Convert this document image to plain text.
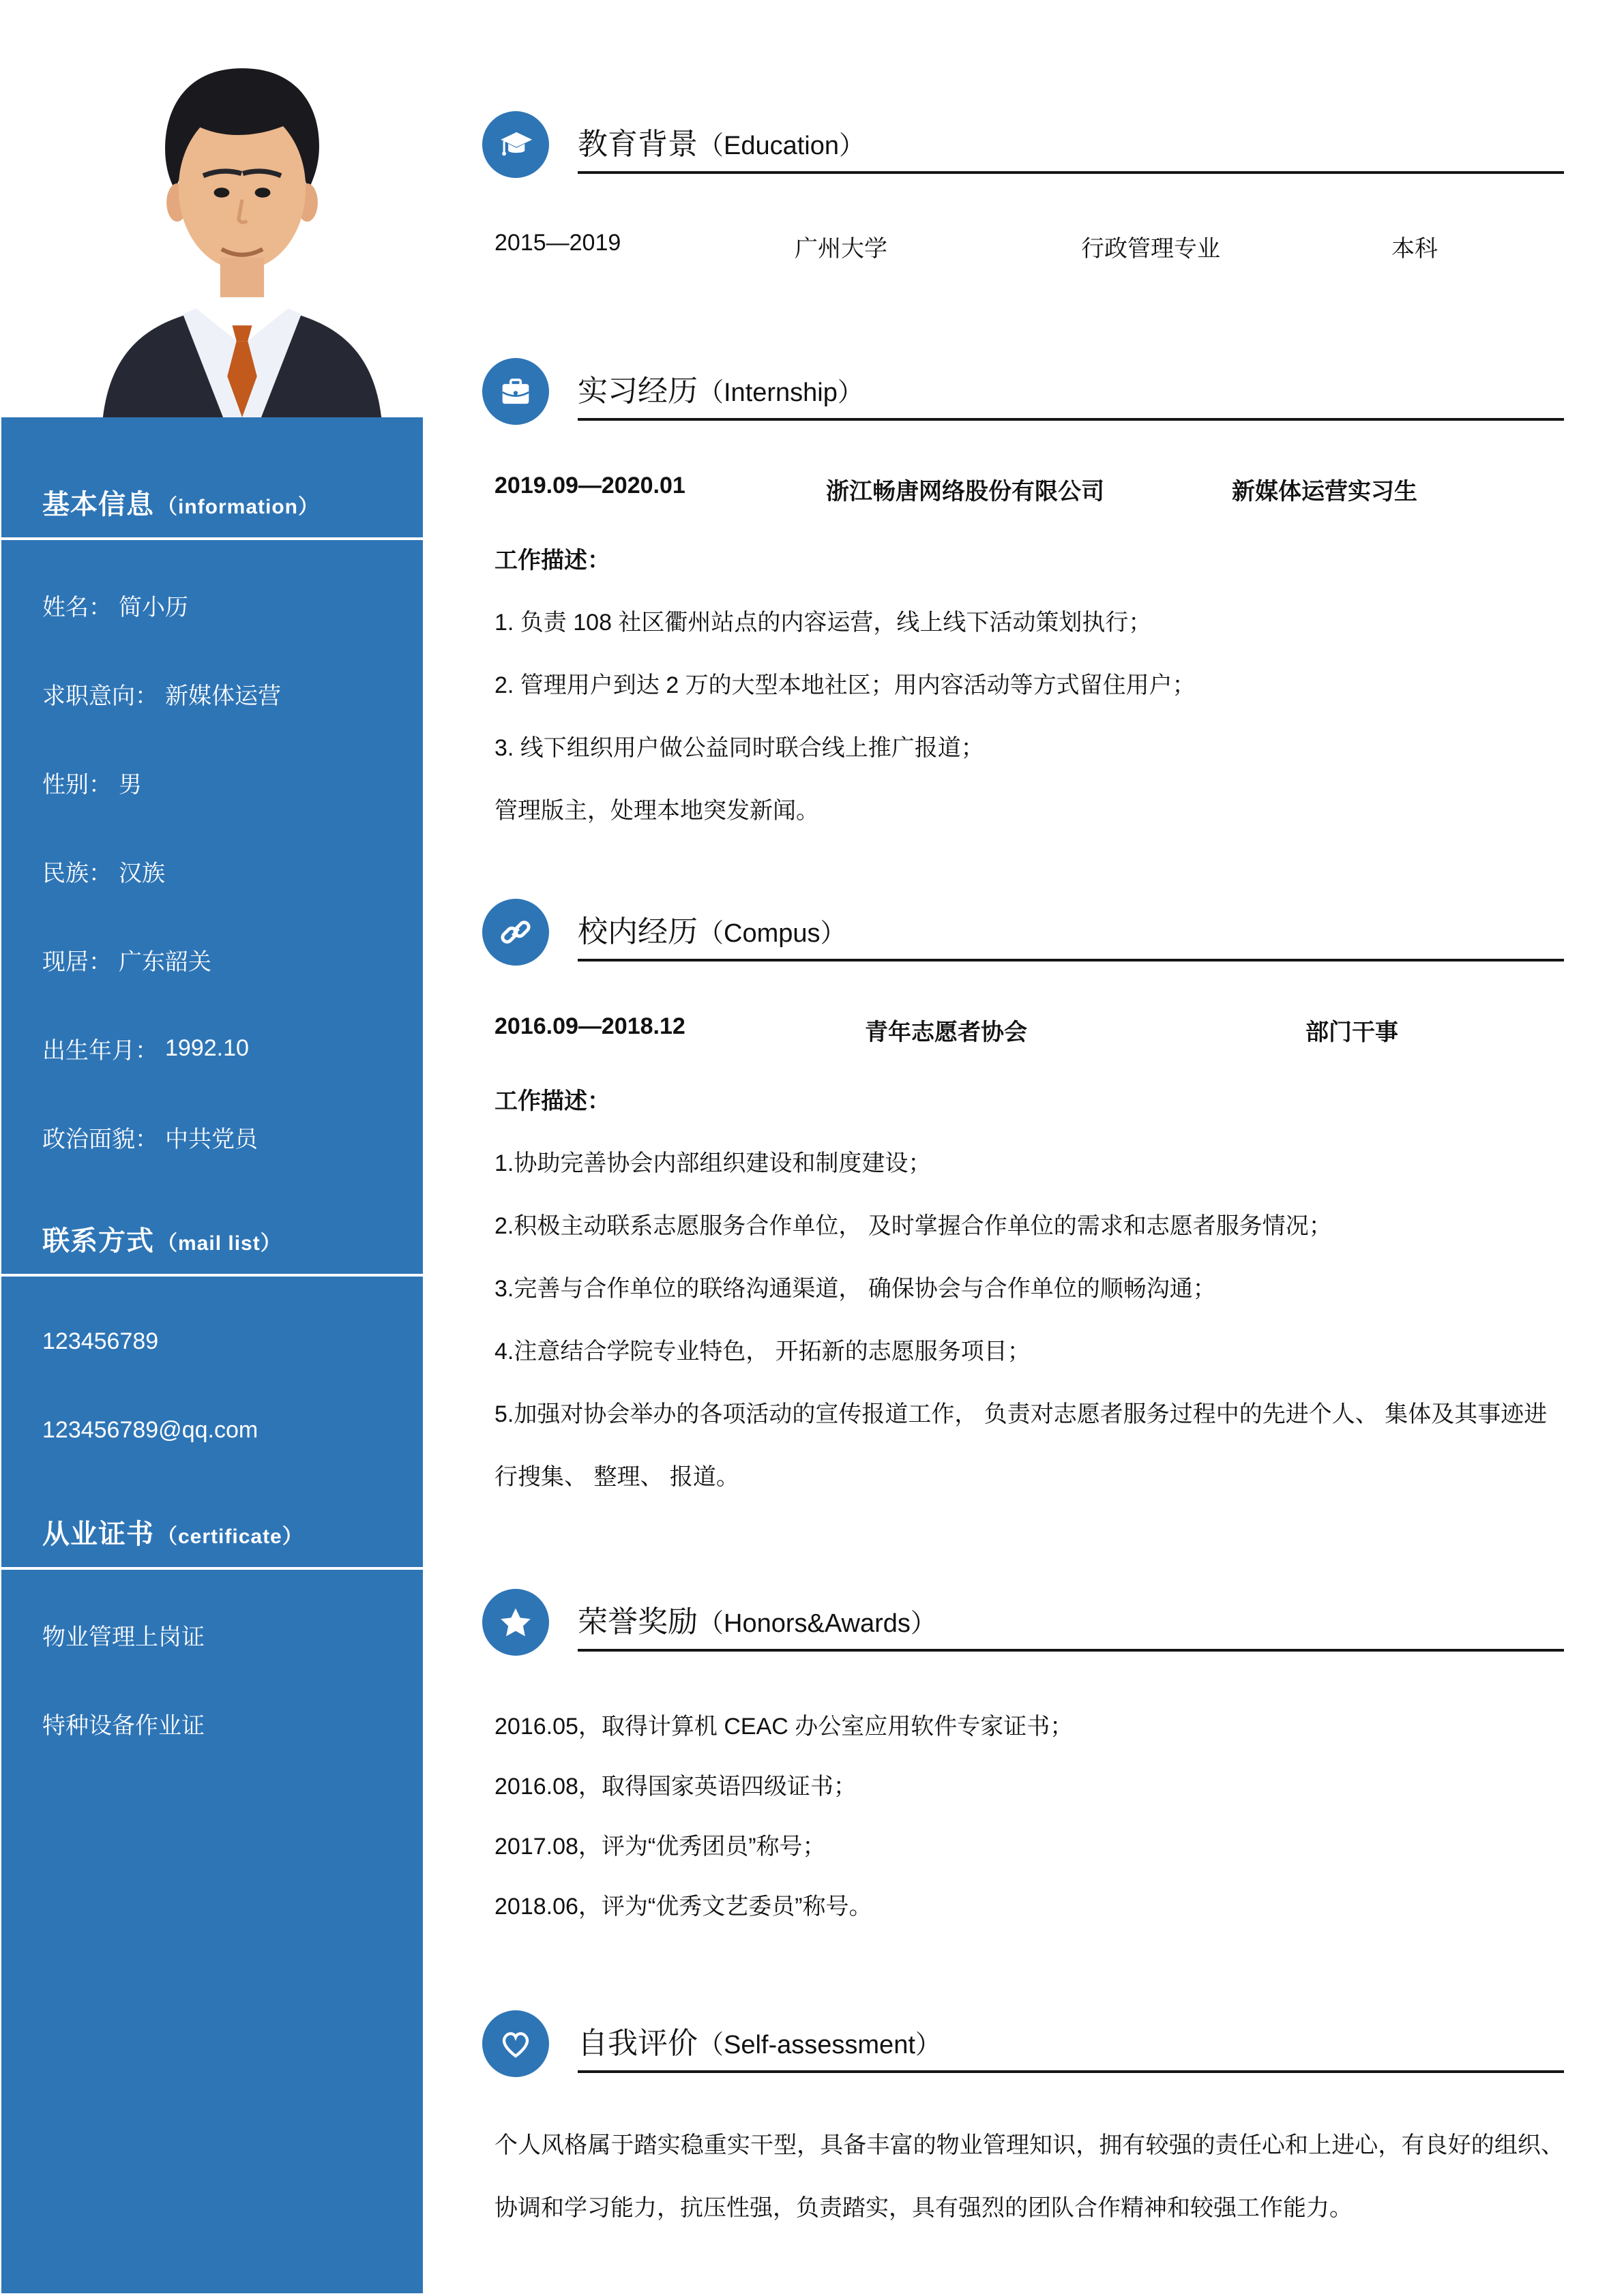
基本信息 （information）
姓名： 简小历
求职意向： 新媒体运营
性别： 男
民族： 汉族
现居： 广东韶关
出生年月： 1992.10
政治面貌： 中共党员
联系方式 （mail list）
123456789
123456789@qq.com
从业证书 （certificate）
物业管理上岗证
特种设备作业证
教育背景（Education）
2015—2019	广州大学	行政管理专业	本科
实习经历（Internship）
2019.09—2020.01	浙江畅唐网络股份有限公司	新媒体运营实习生

工作描述：

1. 负责 108 社区衢州站点的内容运营，线上线下活动策划执行；

2. 管理用户到达 2 万的大型本地社区；用内容活动等方式留住用户；

3. 线下组织用户做公益同时联合线上推广报道；

管理版主，处理本地突发新闻。

校内经历（Compus）
2016.09—2018.12	青年志愿者协会	部门干事

工作描述：

1.协助完善协会内部组织建设和制度建设；

2.积极主动联系志愿服务合作单位， 及时掌握合作单位的需求和志愿者服务情况；

3.完善与合作单位的联络沟通渠道， 确保协会与合作单位的顺畅沟通；

4.注意结合学院专业特色， 开拓新的志愿服务项目；

5.加强对协会举办的各项活动的宣传报道工作， 负责对志愿者服务过程中的先进个人、 集体及其事迹进行搜集、 整理、 报道。

荣誉奖励（Honors&Awards）

2016.05，取得计算机 CEAC 办公室应用软件专家证书；

2016.08，取得国家英语四级证书；

2017.08，评为“优秀团员”称号；

2018.06，评为“优秀文艺委员”称号。

自我评价（Self-assessment）

个人风格属于踏实稳重实干型，具备丰富的物业管理知识，拥有较强的责任心和上进心，有良好的组织、协调和学习能力，抗压性强，负责踏实，具有强烈的团队合作精神和较强工作能力。
